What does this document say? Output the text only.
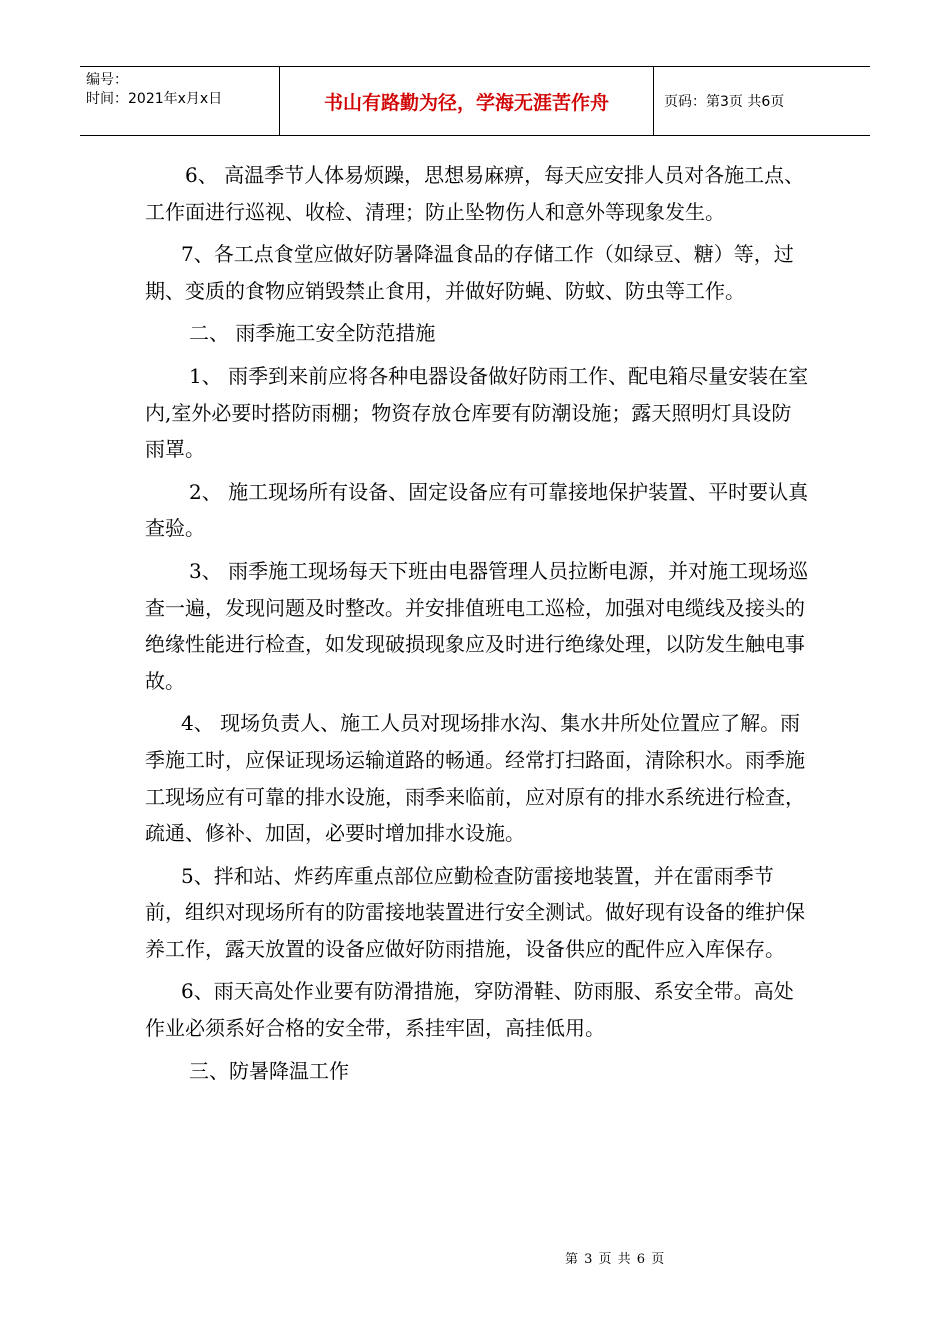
编号：
时间：2021年x月x日	书山有路勤为径，学海无涯苦作舟	页码：第3页 共6页

6、 高温季节人体易烦躁，思想易麻痹，每天应安排人员对各施工点、工作面进行巡视、收检、清理；防止坠物伤人和意外等现象发生。

7、各工点食堂应做好防暑降温食品的存储工作（如绿豆、糖）等，过期、变质的食物应销毁禁止食用，并做好防蝇、防蚊、防虫等工作。

二、 雨季施工安全防范措施

1、 雨季到来前应将各种电器设备做好防雨工作、配电箱尽量安装在室内,室外必要时搭防雨棚；物资存放仓库要有防潮设施；露天照明灯具设防雨罩。

2、 施工现场所有设备、固定设备应有可靠接地保护装置、平时要认真查验。

3、 雨季施工现场每天下班由电器管理人员拉断电源，并对施工现场巡查一遍，发现问题及时整改。并安排值班电工巡检，加强对电缆线及接头的绝缘性能进行检查，如发现破损现象应及时进行绝缘处理，以防发生触电事故。

4、 现场负责人、施工人员对现场排水沟、集水井所处位置应了解。雨季施工时，应保证现场运输道路的畅通。经常打扫路面，清除积水。雨季施工现场应有可靠的排水设施，雨季来临前，应对原有的排水系统进行检查，疏通、修补、加固，必要时增加排水设施。

5、拌和站、炸药库重点部位应勤检查防雷接地装置，并在雷雨季节前，组织对现场所有的防雷接地装置进行安全测试。做好现有设备的维护保养工作，露天放置的设备应做好防雨措施，设备供应的配件应入库保存。

6、雨天高处作业要有防滑措施，穿防滑鞋、防雨服、系安全带。高处作业必须系好合格的安全带，系挂牢固，高挂低用。

三、防暑降温工作

第 3 页 共 6 页
